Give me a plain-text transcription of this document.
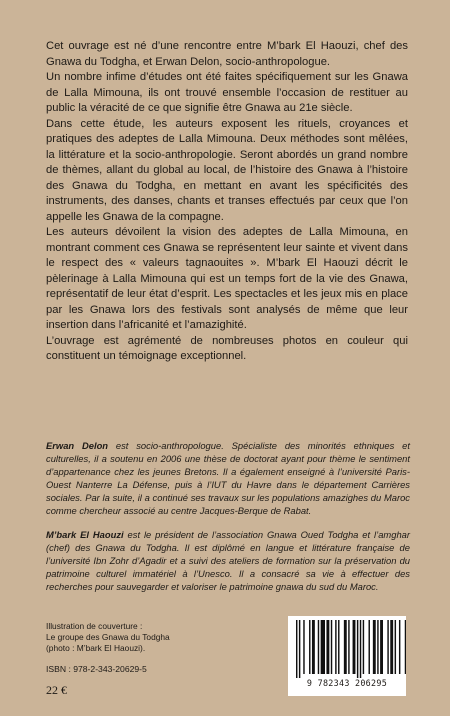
Cet ouvrage est né d’une rencontre entre M’bark El Haouzi, chef des Gnawa du Todgha, et Erwan Delon, socio-anthropologue.

Un nombre infime d’études ont été faites spécifiquement sur les Gnawa de Lalla Mimouna, ils ont trouvé ensemble l’occasion de restituer au public la véracité de ce que signifie être Gnawa au 21e siècle.

Dans cette étude, les auteurs exposent les rituels, croyances et pratiques des adeptes de Lalla Mimouna. Deux méthodes sont mêlées, la littérature et la socio-anthropologie. Seront abordés un grand nombre de thèmes, allant du global au local, de l’histoire des Gnawa à l’histoire des Gnawa du Todgha, en mettant en avant les spécificités des instruments, des danses, chants et transes effectués par ceux que l’on appelle les Gnawa de la compagne.

Les auteurs dévoilent la vision des adeptes de Lalla Mimouna, en montrant comment ces Gnawa se représentent leur sainte et vivent dans le respect des « valeurs tagnaouites ». M’bark El Haouzi décrit le pèlerinage à Lalla Mimouna qui est un temps fort de la vie des Gnawa, représentatif de leur état d’esprit. Les spectacles et les jeux mis en place par les Gnawa lors des festivals sont analysés de même que leur insertion dans l’africanité et l’amazighité.

L’ouvrage est agrémenté de nombreuses photos en couleur qui constituent un témoignage exceptionnel.

Erwan Delon est socio-anthropologue. Spécialiste des minorités ethniques et culturelles, il a soutenu en 2006 une thèse de doctorat ayant pour thème le sentiment d’appartenance chez les jeunes Bretons. Il a également enseigné à l’université Paris-Ouest Nanterre La Défense, puis à l’IUT du Havre dans le département Carrières sociales. Par la suite, il a continué ses travaux sur les populations amazighes du Maroc comme chercheur associé au centre Jacques-Berque de Rabat.

M’bark El Haouzi est le président de l’association Gnawa Oued Todgha et l’amghar (chef) des Gnawa du Todgha. Il est diplômé en langue et littérature française de l’université Ibn Zohr d’Agadir et a suivi des ateliers de formation sur la préservation du patrimoine culturel immatériel à l’Unesco. Il a consacré sa vie à effectuer des recherches pour sauvegarder et valoriser le patrimoine gnawa du sud du Maroc.

Illustration de couverture :
Le groupe des Gnawa du Todgha
(photo : M’bark El Haouzi).
ISBN : 978-2-343-20629-5
22 €	9 782343 206295
